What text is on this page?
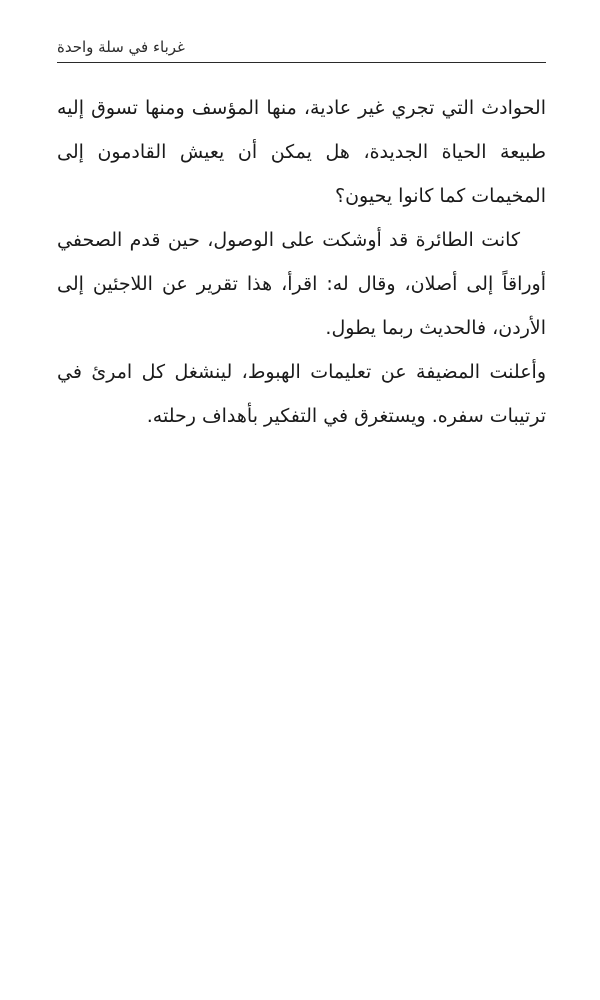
غرباء في سلة واحدة

الحوادث التي تجري غير عادية، منها المؤسف ومنها تسوق إليه طبيعة الحياة الجديدة، هل يمكن أن يعيش القادمون إلى المخيمات كما كانوا يحيون؟

كانت الطائرة قد أوشكت على الوصول، حين قدم الصحفي أوراقاً إلى أصلان، وقال له: اقرأ، هذا تقرير عن اللاجئين إلى الأردن، فالحديث ربما يطول.

وأعلنت المضيفة عن تعليمات الهبوط، لينشغل كل امرئ في ترتيبات سفره. ويستغرق في التفكير بأهداف رحلته.
